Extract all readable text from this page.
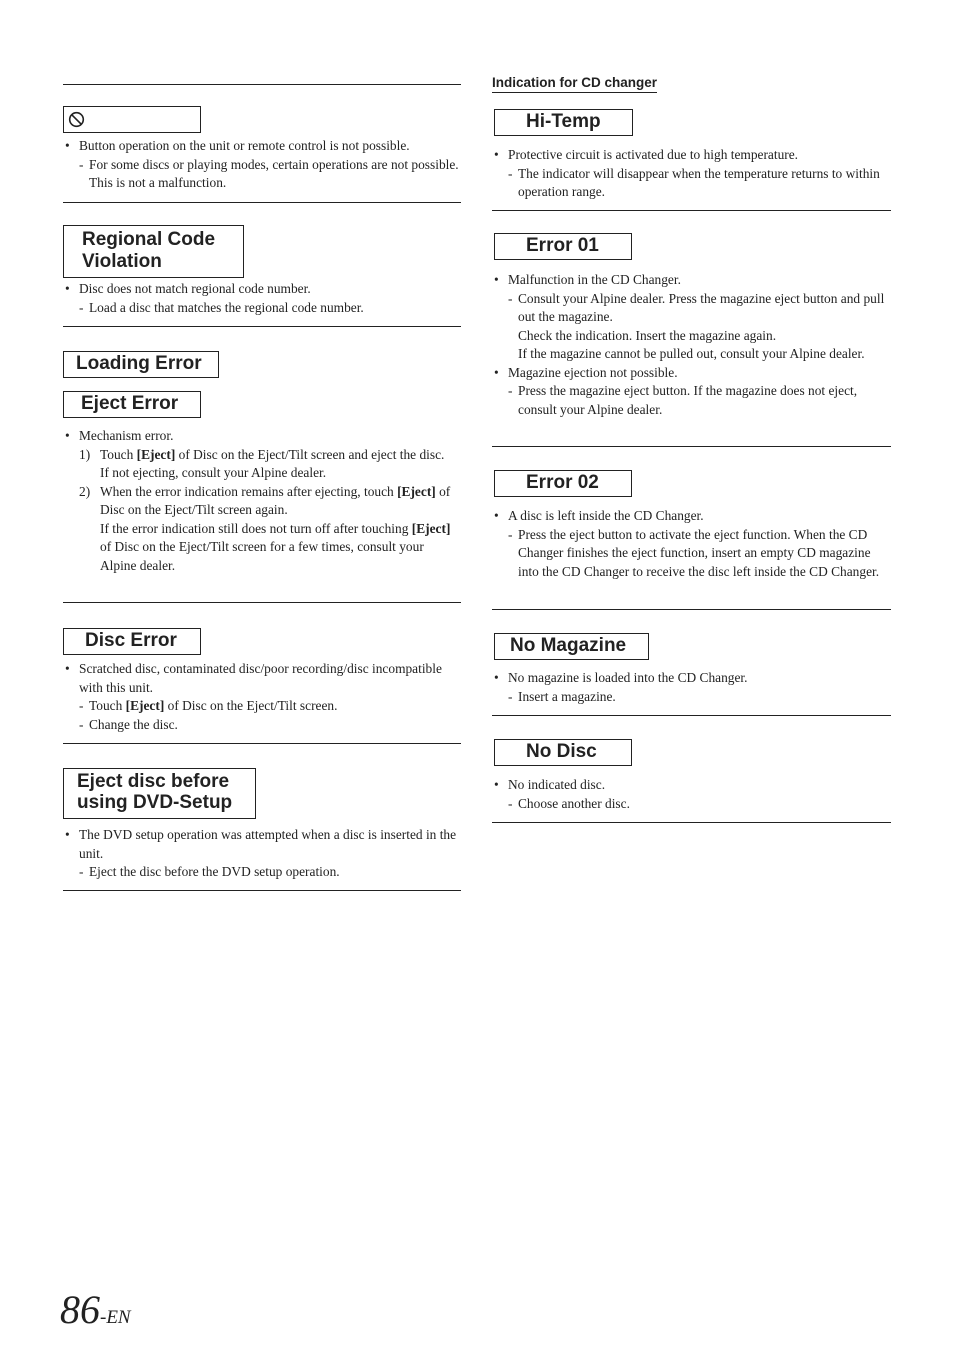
• Button operation on the unit or remote control is not possible.

- For some discs or playing modes, certain operations are not possible. This is not a malfunction.

Regional Code
Violation

• Disc does not match regional code number.

- Load a disc that matches the regional code number.

Loading Error
Eject Error

• Mechanism error.

1) Touch [Eject] of Disc on the Eject/Tilt screen and eject the disc.

If not ejecting, consult your Alpine dealer.

2) When the error indication remains after ejecting, touch [Eject] of Disc on the Eject/Tilt screen again.

If the error indication still does not turn off after touching [Eject] of Disc on the Eject/Tilt screen for a few times, consult your Alpine dealer.

Disc Error

• Scratched disc, contaminated disc/poor recording/disc incompatible with this unit.

- Touch [Eject] of Disc on the Eject/Tilt screen.

- Change the disc.

Eject disc before
using DVD-Setup

• The DVD setup operation was attempted when a disc is inserted in the unit.

- Eject the disc before the DVD setup operation.

Indication for CD changer
Hi-Temp

• Protective circuit is activated due to high temperature.

- The indicator will disappear when the temperature returns to within operation range.

Error 01

• Malfunction in the CD Changer.

- Consult your Alpine dealer. Press the magazine eject button and pull out the magazine.

Check the indication. Insert the magazine again.

If the magazine cannot be pulled out, consult your Alpine dealer.

• Magazine ejection not possible.

- Press the magazine eject button. If the magazine does not eject, consult your Alpine dealer.

Error 02

• A disc is left inside the CD Changer.

- Press the eject button to activate the eject function. When the CD Changer finishes the eject function, insert an empty CD magazine into the CD Changer to receive the disc left inside the CD Changer.

No Magazine

• No magazine is loaded into the CD Changer.

- Insert a magazine.

No Disc

• No indicated disc.

- Choose another disc.

86-EN
